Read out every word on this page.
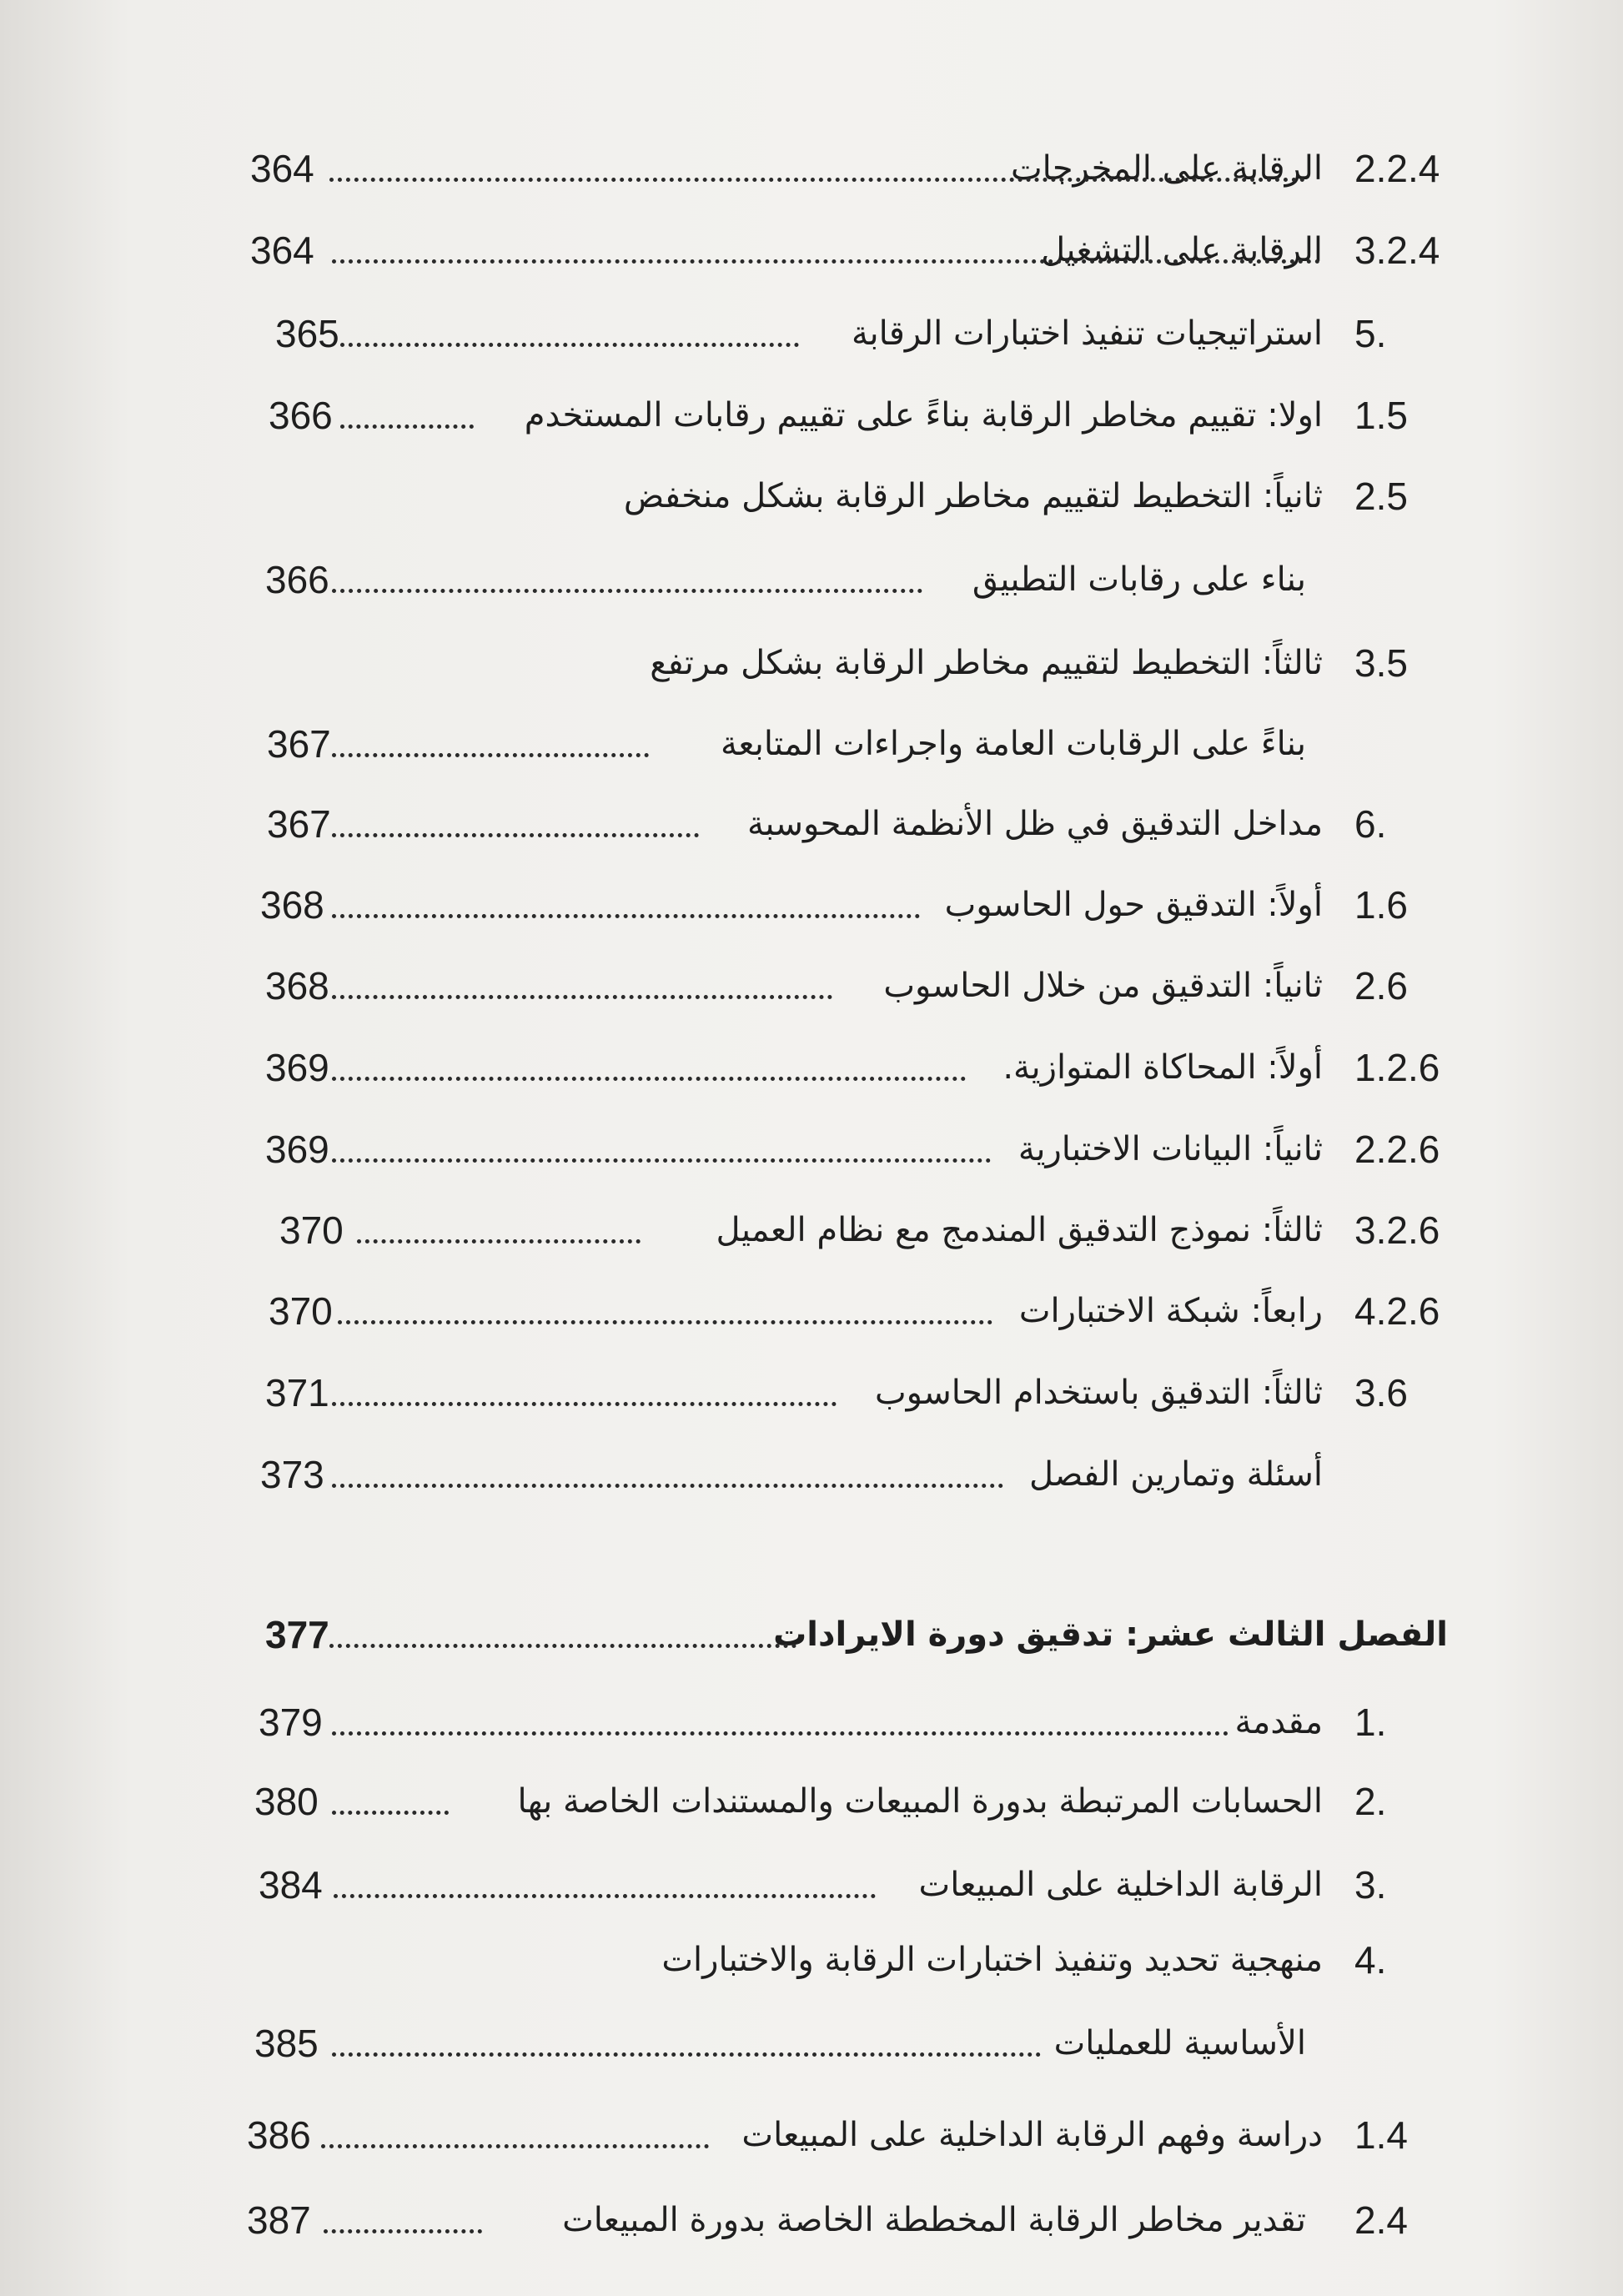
2.2.4
الرقابة على المخرجات
364
3.2.4
الرقابة على التشغيل
364
5.
استراتيجيات تنفيذ اختبارات الرقابة
365
1.5
اولا: تقييم مخاطر الرقابة بناءً على تقييم رقابات المستخدم
366
2.5
ثانياً: التخطيط لتقييم مخاطر الرقابة بشكل منخفض
بناء على رقابات التطبيق
366
3.5
ثالثاً: التخطيط لتقييم مخاطر الرقابة بشكل مرتفع
بناءً على الرقابات العامة واجراءات المتابعة
367
6.
مداخل التدقيق في ظل الأنظمة المحوسبة
367
1.6
أولاً: التدقيق حول الحاسوب
368
2.6
ثانياً: التدقيق من خلال الحاسوب
368
1.2.6
أولاً: المحاكاة المتوازية.
369
2.2.6
ثانياً: البيانات الاختبارية
369
3.2.6
ثالثاً: نموذج التدقيق المندمج مع نظام العميل
370
4.2.6
رابعاً: شبكة الاختبارات
370
3.6
ثالثاً: التدقيق باستخدام الحاسوب
371
أسئلة وتمارين الفصل
373
الفصل الثالث عشر: تدقيق دورة الايرادات
377
1.
مقدمة
379
2.
الحسابات المرتبطة بدورة المبيعات والمستندات الخاصة بها
380
3.
الرقابة الداخلية على المبيعات
384
4.
منهجية تحديد وتنفيذ اختبارات الرقابة والاختبارات
الأساسية للعمليات
385
1.4
دراسة وفهم الرقابة الداخلية على المبيعات
386
2.4
تقدير مخاطر الرقابة المخططة الخاصة بدورة المبيعات
387
